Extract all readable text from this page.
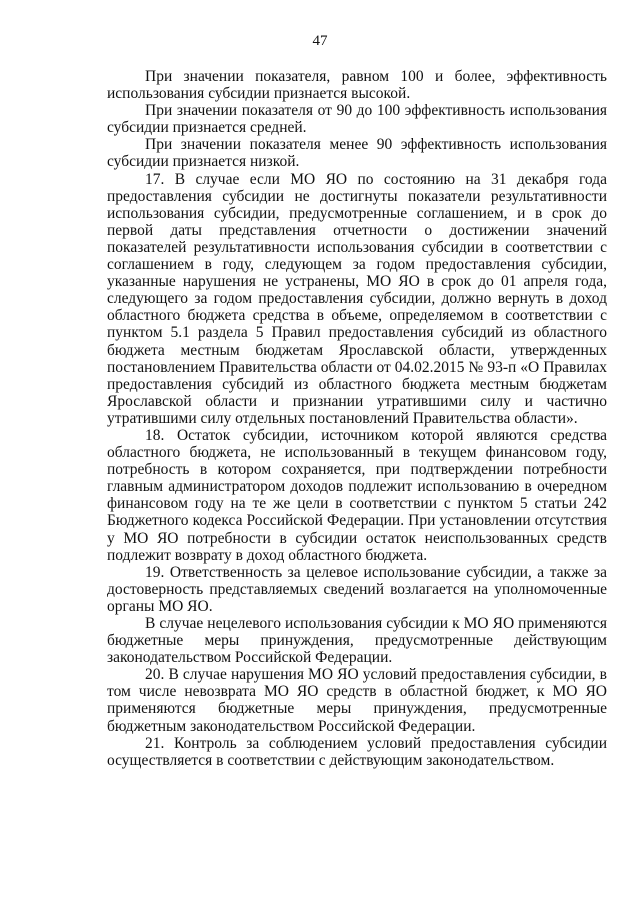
47

При значении показателя, равном 100 и более, эффективность использования субсидии признается высокой.

При значении показателя от 90 до 100 эффективность использования субсидии признается средней.

При значении показателя менее 90 эффективность использования субсидии признается низкой.

17. В случае если МО ЯО по состоянию на 31 декабря года предоставления субсидии не достигнуты показатели результативности использования субсидии, предусмотренные соглашением, и в срок до первой даты представления отчетности о достижении значений показателей результативности использования субсидии в соответствии с соглашением в году, следующем за годом предоставления субсидии, указанные нарушения не устранены, МО ЯО в срок до 01 апреля года, следующего за годом предоставления субсидии, должно вернуть в доход областного бюджета средства в объеме, определяемом в соответствии с пунктом 5.1 раздела 5 Правил предоставления субсидий из областного бюджета местным бюджетам Ярославской области, утвержденных постановлением Правительства области от 04.02.2015 № 93-п «О Правилах предоставления субсидий из областного бюджета местным бюджетам Ярославской области и признании утратившими силу и частично утратившими силу отдельных постановлений Правительства области».

18. Остаток субсидии, источником которой являются средства областного бюджета, не использованный в текущем финансовом году, потребность в котором сохраняется, при подтверждении потребности главным администратором доходов подлежит использованию в очередном финансовом году на те же цели в соответствии с пунктом 5 статьи 242 Бюджетного кодекса Российской Федерации. При установлении отсутствия у МО ЯО потребности в субсидии остаток неиспользованных средств подлежит возврату в доход областного бюджета.

19. Ответственность за целевое использование субсидии, а также за достоверность представляемых сведений возлагается на уполномоченные органы МО ЯО.

В случае нецелевого использования субсидии к МО ЯО применяются бюджетные меры принуждения, предусмотренные действующим законодательством Российской Федерации.

20. В случае нарушения МО ЯО условий предоставления субсидии, в том числе невозврата МО ЯО средств в областной бюджет, к МО ЯО применяются бюджетные меры принуждения, предусмотренные бюджетным законодательством Российской Федерации.

21. Контроль за соблюдением условий предоставления субсидии осуществляется в соответствии с действующим законодательством.
